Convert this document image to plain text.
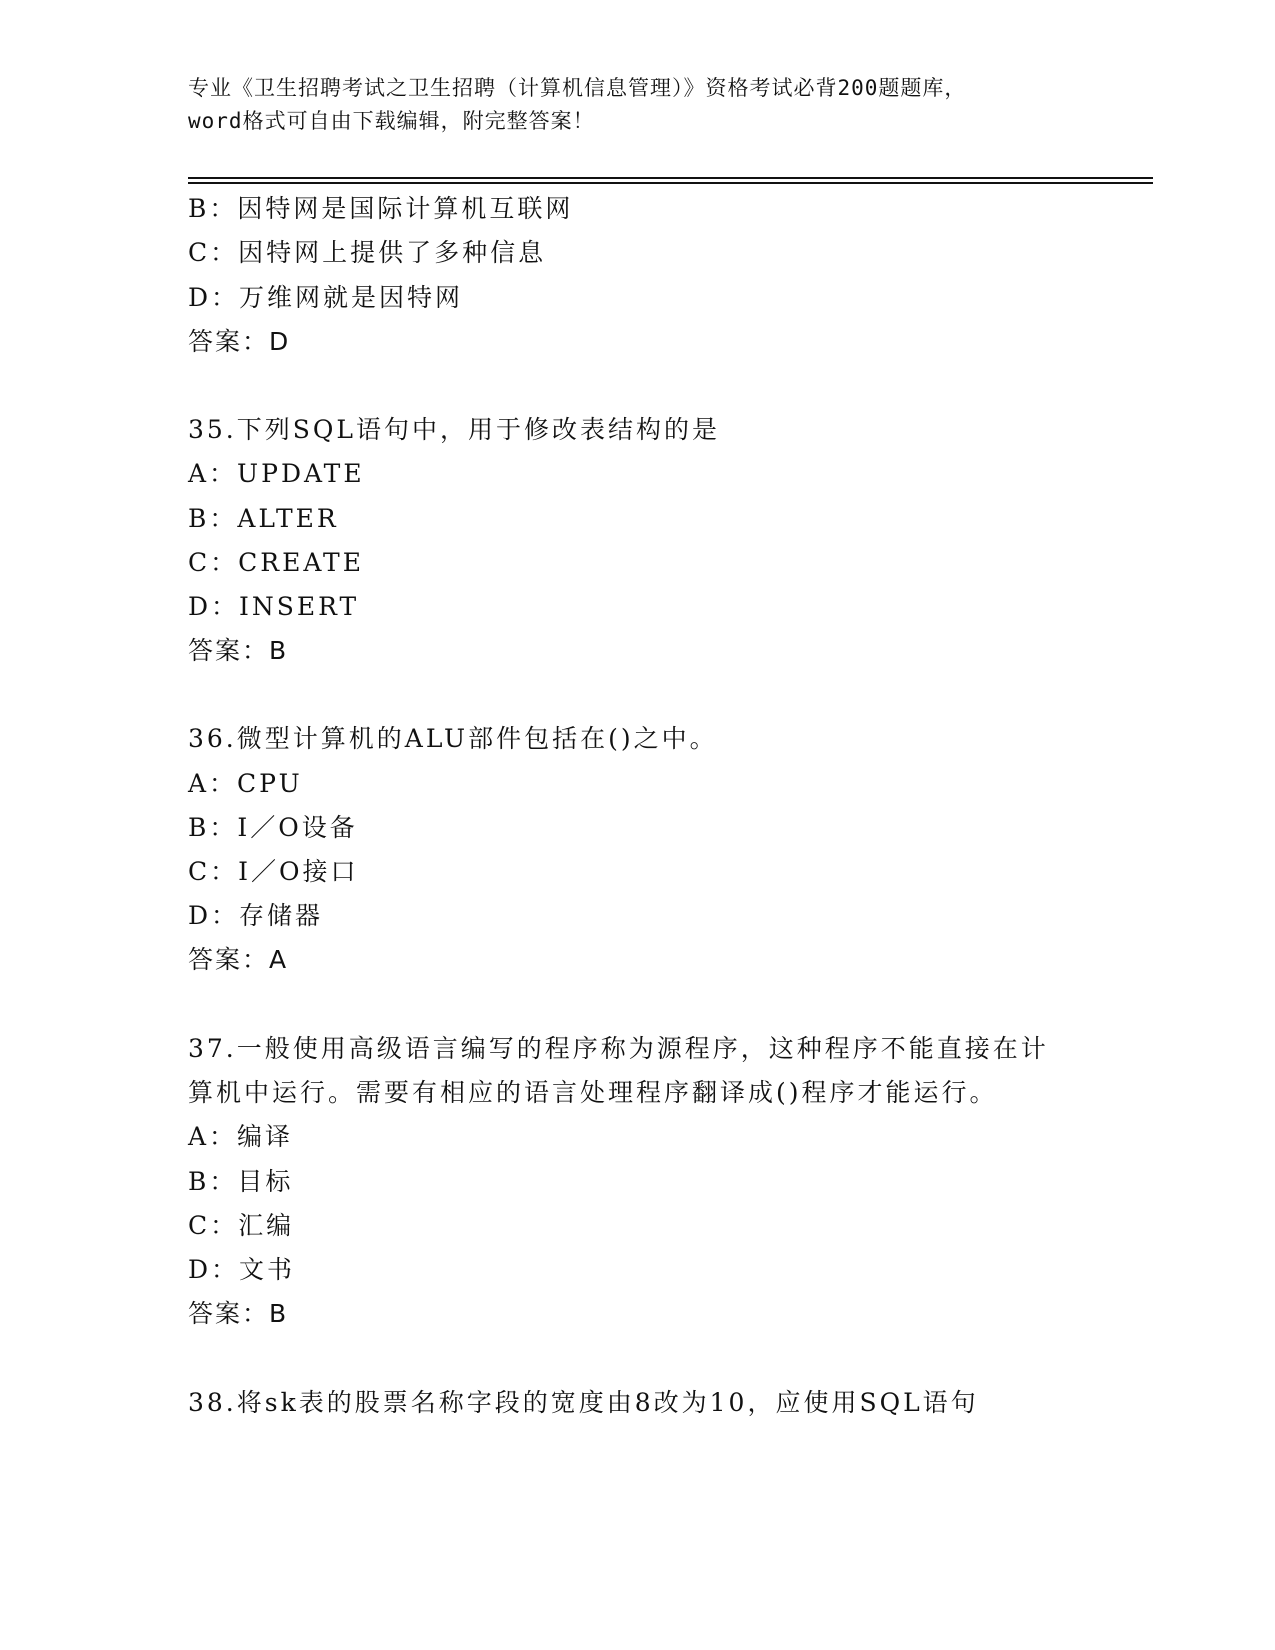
专业《卫生招聘考试之卫生招聘（计算机信息管理）》资格考试必背200题题库，
word格式可自由下载编辑，附完整答案！
B：因特网是国际计算机互联网
C：因特网上提供了多种信息
D：万维网就是因特网
答案：D
35.下列SQL语句中，用于修改表结构的是
A：UPDATE
B：ALTER
C：CREATE
D：INSERT
答案：B
36.微型计算机的ALU部件包括在()之中。
A：CPU
B：I／O设备
C：I／O接口
D：存储器
答案：A
37.一般使用高级语言编写的程序称为源程序，这种程序不能直接在计
算机中运行。需要有相应的语言处理程序翻译成()程序才能运行。
A：编译
B：目标
C：汇编
D：文书
答案：B
38.将sk表的股票名称字段的宽度由8改为10，应使用SQL语句
